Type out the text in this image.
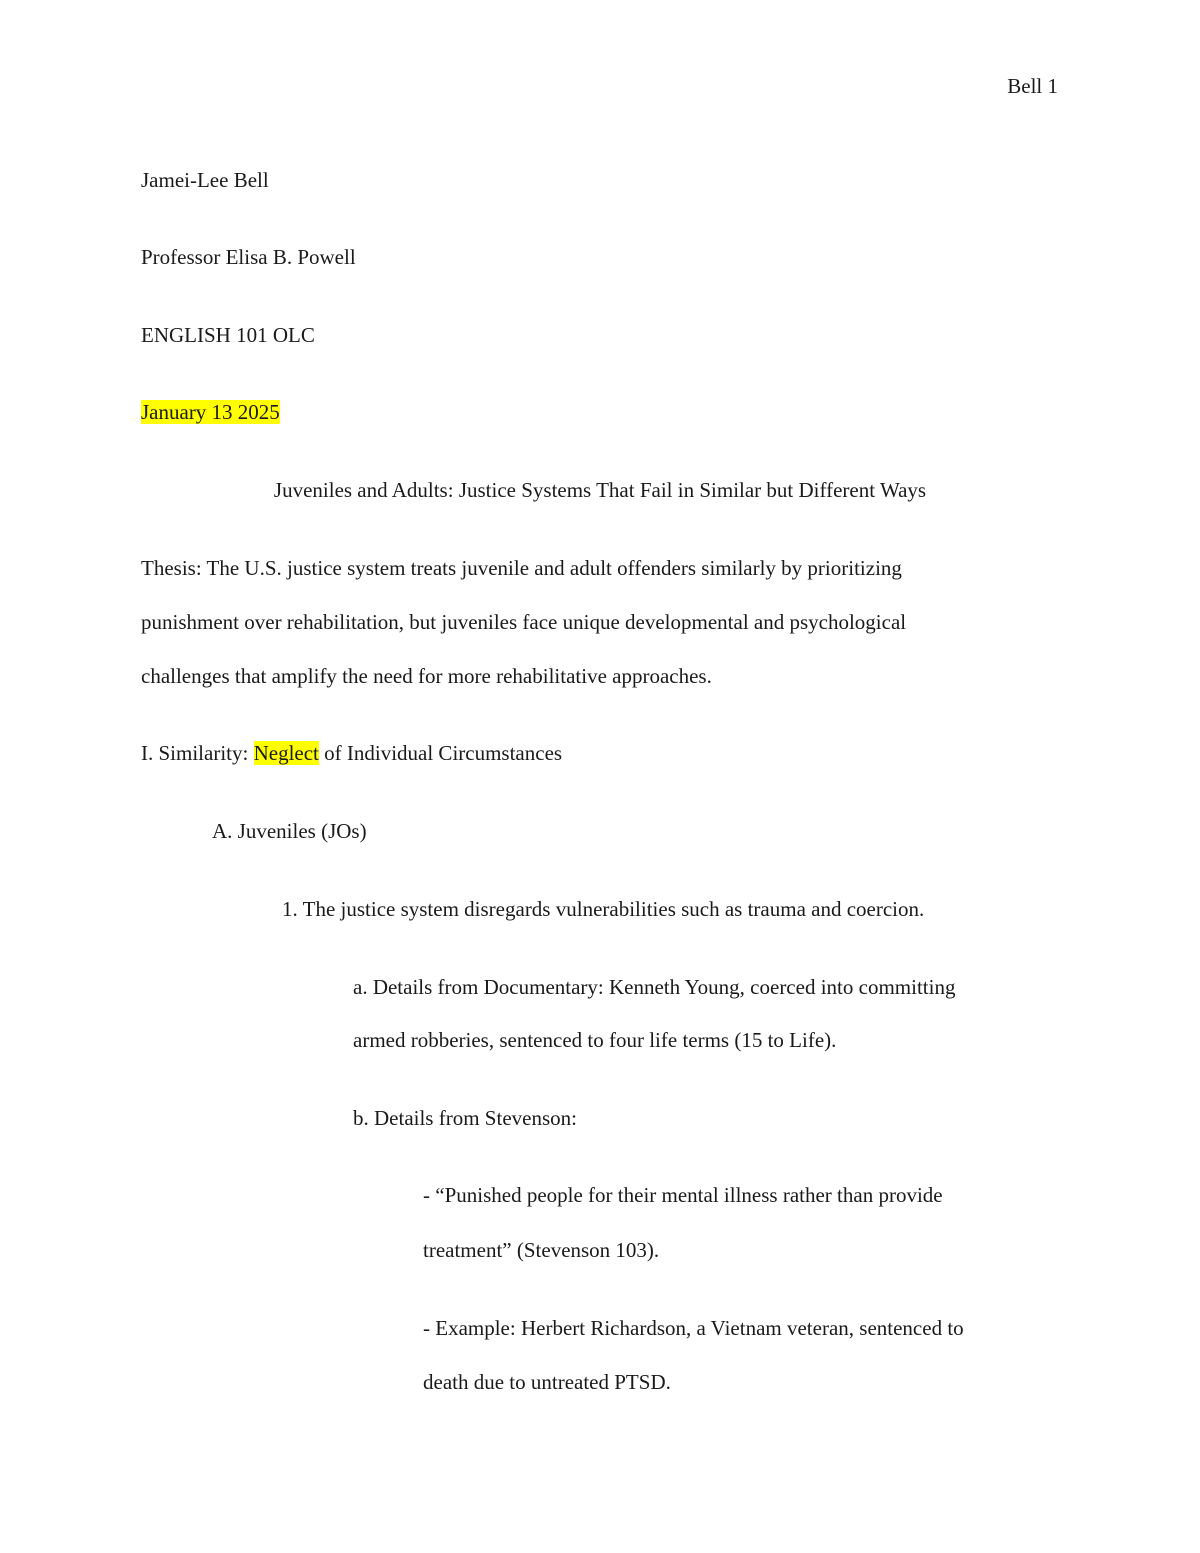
Bell 1
Jamei-Lee Bell
Professor Elisa B. Powell
ENGLISH 101 OLC
January 13 2025
Juveniles and Adults: Justice Systems That Fail in Similar but Different Ways
Thesis: The U.S. justice system treats juvenile and adult offenders similarly by prioritizing
punishment over rehabilitation, but juveniles face unique developmental and psychological
challenges that amplify the need for more rehabilitative approaches.
I. Similarity: Neglect of Individual Circumstances
A. Juveniles (JOs)
1. The justice system disregards vulnerabilities such as trauma and coercion.
a. Details from Documentary: Kenneth Young, coerced into committing
armed robberies, sentenced to four life terms (15 to Life).
b. Details from Stevenson:
- “Punished people for their mental illness rather than provide
treatment” (Stevenson 103).
- Example: Herbert Richardson, a Vietnam veteran, sentenced to
death due to untreated PTSD.
